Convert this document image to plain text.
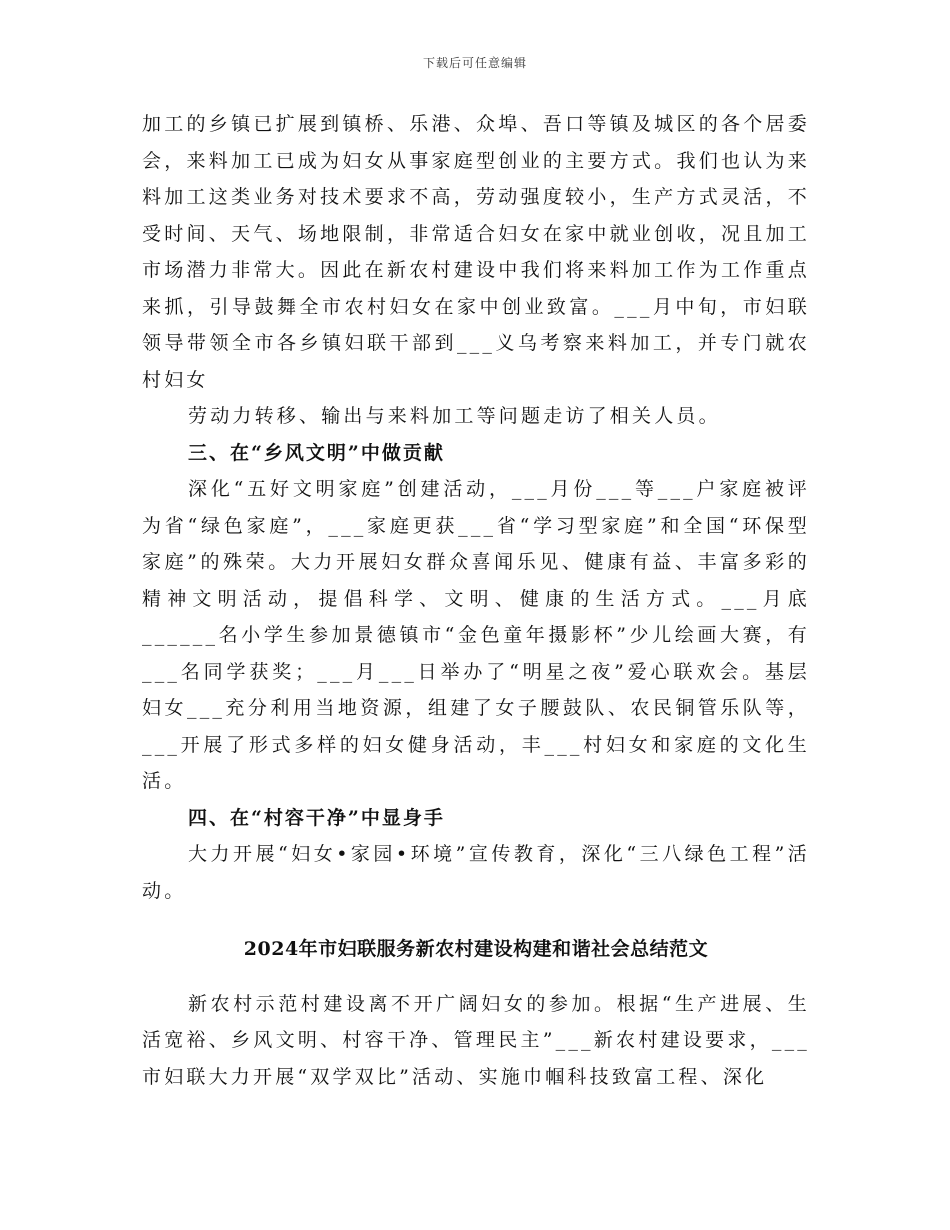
下载后可任意编辑

加工的乡镇已扩展到镇桥、乐港、众埠、吾口等镇及城区的各个居委会，来料加工已成为妇女从事家庭型创业的主要方式。我们也认为来料加工这类业务对技术要求不高，劳动强度较小，生产方式灵活，不受时间、天气、场地限制，非常适合妇女在家中就业创收，况且加工市场潜力非常大。因此在新农村建设中我们将来料加工作为工作重点来抓，引导鼓舞全市农村妇女在家中创业致富。___月中旬，市妇联领导带领全市各乡镇妇联干部到___义乌考察来料加工，并专门就农村妇女

劳动力转移、输出与来料加工等问题走访了相关人员。

三、在“乡风文明”中做贡献

深化“五好文明家庭”创建活动，___月份___等___户家庭被评为省“绿色家庭”，___家庭更获___省“学习型家庭”和全国“环保型家庭”的殊荣。大力开展妇女群众喜闻乐见、健康有益、丰富多彩的精神文明活动，提倡科学、文明、健康的生活方式。___月底______名小学生参加景德镇市“金色童年摄影杯”少儿绘画大赛，有___名同学获奖；___月___日举办了“明星之夜”爱心联欢会。基层妇女___充分利用当地资源，组建了女子腰鼓队、农民铜管乐队等，___开展了形式多样的妇女健身活动，丰___村妇女和家庭的文化生活。

四、在“村容干净”中显身手

大力开展“妇女•家园•环境”宣传教育，深化“三八绿色工程”活动。

2024年市妇联服务新农村建设构建和谐社会总结范文

新农村示范村建设离不开广阔妇女的参加。根据“生产进展、生活宽裕、乡风文明、村容干净、管理民主”___新农村建设要求，___市妇联大力开展“双学双比”活动、实施巾帼科技致富工程、深化
